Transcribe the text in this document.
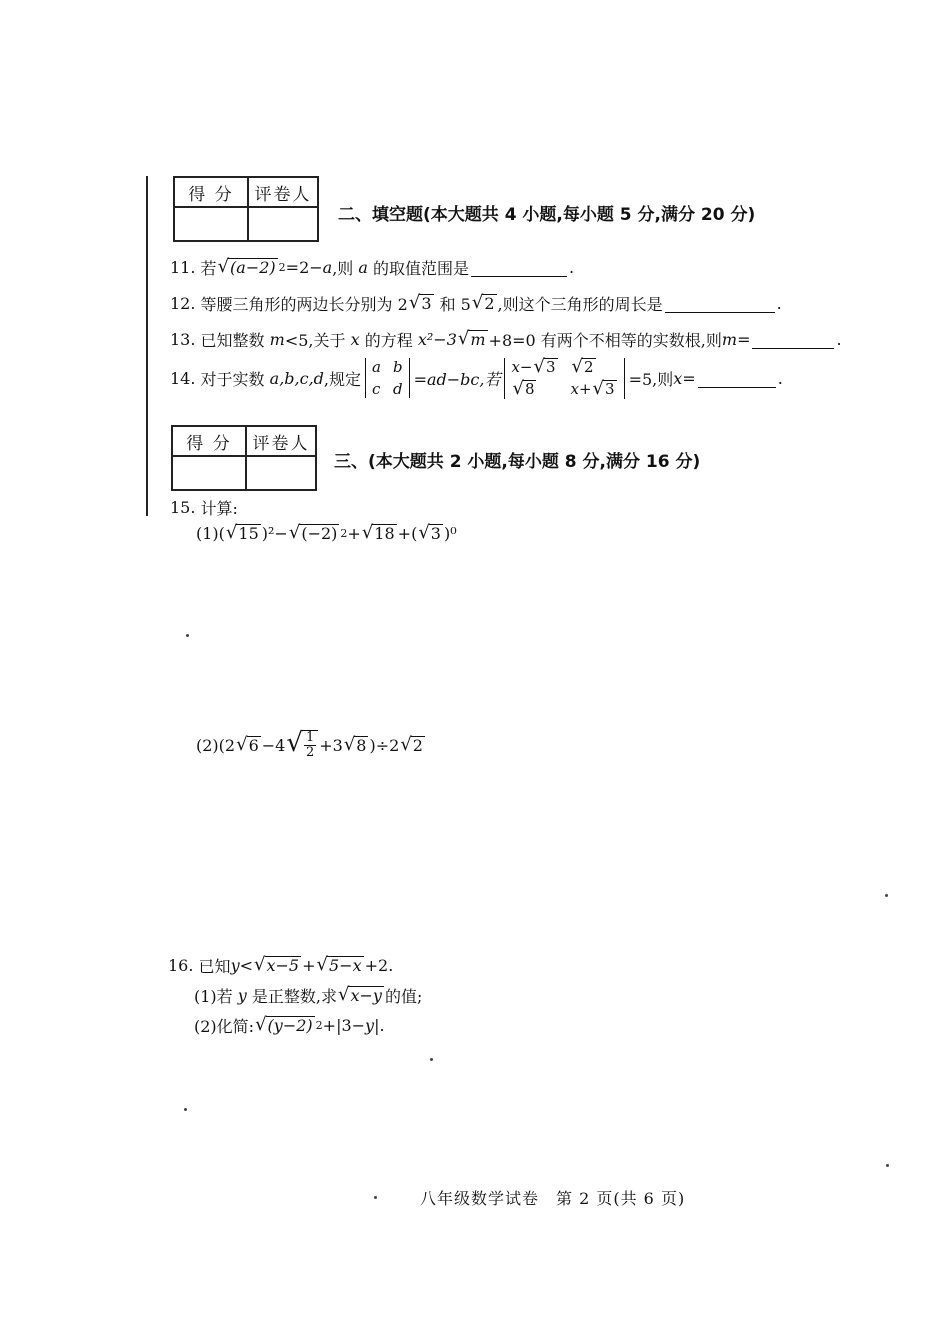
得 分	评卷人

二、填空题(本大题共 4 小题,每小题 5 分,满分 20 分)
11.
若 √ (a−2) 2 =2− a ,则
a
的取值范围是	.
12.
等腰三角形的两边长分别为 2 √ 3
和 5 √ 2 ,则这个三角形的周长是	.
13.
已知整数
m <5,关于
x
的方程
x²−3 √ m +8=0 有两个不相等的实数根,则 m =	.
14.
对于实数
a,b,c,d ,规定
a b
c d
=ad−bc,若
x− √ 3 √ 2
√ 8 x+ √ 3
=5,则 x =	.
得 分	评卷人

三、(本大题共 2 小题,每小题 8 分,满分 16 分)
15.
计算:
(1) ( √ 15 ) ²− √ (−2) 2 + √ 18 +( √ 3 )⁰
(2) (2 √ 6 −4 √ $\frac{1}{2} +3$ √ 8 )÷2 √ 2
16.
已知 y < √ x−5 + √ 5−x +2.
(1)若
y
是正整数,求 √ x−y 的值;
(2)化简: √ (y−2) 2 +|3− y |.
八年级数学试卷　第 2 页(共 6 页)
